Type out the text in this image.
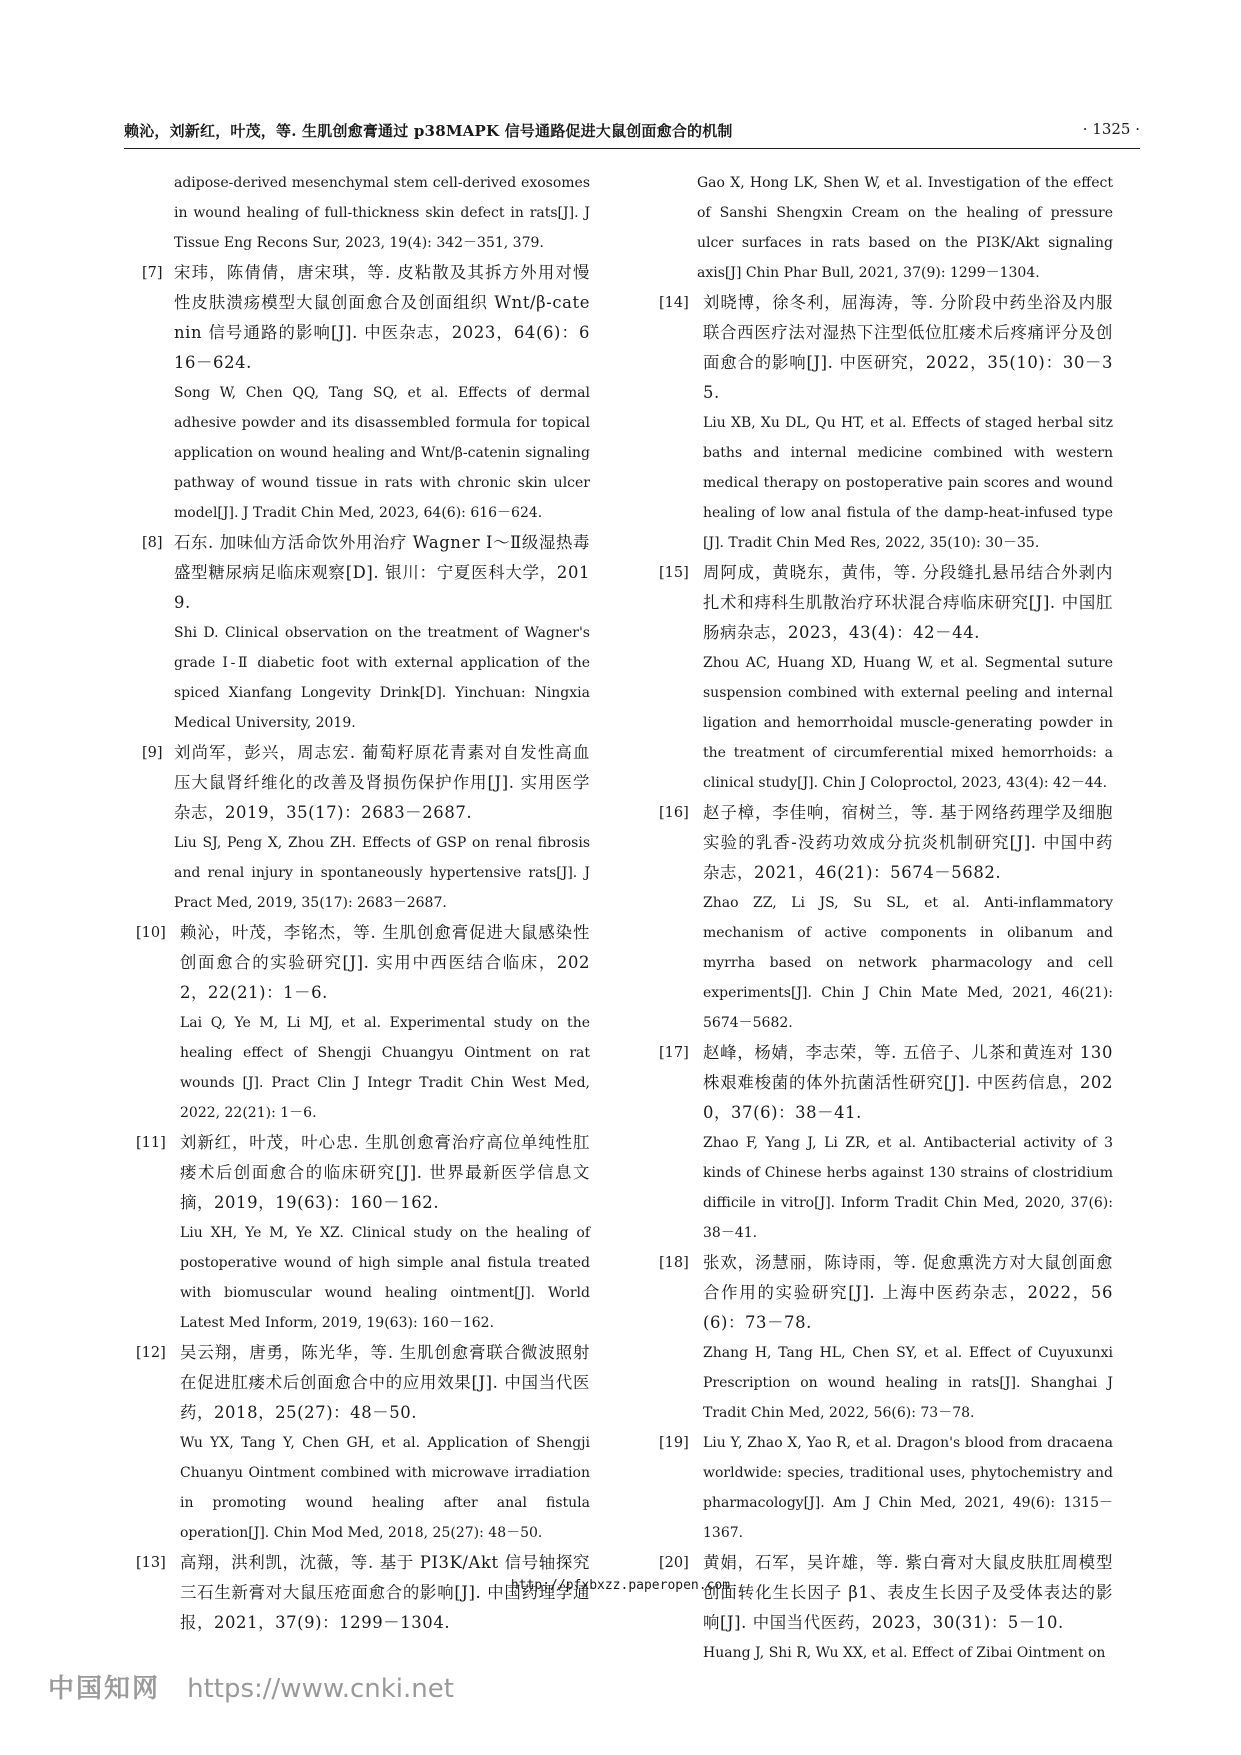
赖沁，刘新红，叶茂，等. 生肌创愈膏通过 p38MAPK 信号通路促进大鼠创面愈合的机制	· 1325 ·
adipose-derived mesenchymal stem cell-derived exosomes in wound healing of full-thickness skin defect in rats[J]. J Tissue Eng Recons Sur, 2023, 19(4): 342－351, 379.
[7] 宋玮，陈倩倩，唐宋琪，等. 皮粘散及其拆方外用对慢性皮肤溃疡模型大鼠创面愈合及创面组织 Wnt/β-catenin 信号通路的影响[J]. 中医杂志，2023，64(6)：616－624.
Song W, Chen QQ, Tang SQ, et al. Effects of dermal adhesive powder and its disassembled formula for topical application on wound healing and Wnt/β-catenin signaling pathway of wound tissue in rats with chronic skin ulcer model[J]. J Tradit Chin Med, 2023, 64(6): 616－624.
[8] 石东. 加味仙方活命饮外用治疗 Wagner Ⅰ～Ⅱ级湿热毒盛型糖尿病足临床观察[D]. 银川：宁夏医科大学，2019.
Shi D. Clinical observation on the treatment of Wagner's grade Ⅰ-Ⅱ diabetic foot with external application of the spiced Xianfang Longevity Drink[D]. Yinchuan: Ningxia Medical University, 2019.
[9] 刘尚军，彭兴，周志宏. 葡萄籽原花青素对自发性高血压大鼠肾纤维化的改善及肾损伤保护作用[J]. 实用医学杂志，2019，35(17)：2683－2687.
Liu SJ, Peng X, Zhou ZH. Effects of GSP on renal fibrosis and renal injury in spontaneously hypertensive rats[J]. J Pract Med, 2019, 35(17): 2683－2687.
[10] 赖沁，叶茂，李铭杰，等. 生肌创愈膏促进大鼠感染性创面愈合的实验研究[J]. 实用中西医结合临床，2022，22(21)：1－6.
Lai Q, Ye M, Li MJ, et al. Experimental study on the healing effect of Shengji Chuangyu Ointment on rat wounds [J]. Pract Clin J Integr Tradit Chin West Med, 2022, 22(21): 1－6.
[11] 刘新红，叶茂，叶心忠. 生肌创愈膏治疗高位单纯性肛瘘术后创面愈合的临床研究[J]. 世界最新医学信息文摘，2019，19(63)：160－162.
Liu XH, Ye M, Ye XZ. Clinical study on the healing of postoperative wound of high simple anal fistula treated with biomuscular wound healing ointment[J]. World Latest Med Inform, 2019, 19(63): 160－162.
[12] 吴云翔，唐勇，陈光华，等. 生肌创愈膏联合微波照射在促进肛瘘术后创面愈合中的应用效果[J]. 中国当代医药，2018，25(27)：48－50.
Wu YX, Tang Y, Chen GH, et al. Application of Shengji Chuanyu Ointment combined with microwave irradiation in promoting wound healing after anal fistula operation[J]. Chin Mod Med, 2018, 25(27): 48－50.
[13] 高翔，洪利凯，沈薇，等. 基于 PI3K/Akt 信号轴探究三石生新膏对大鼠压疮面愈合的影响[J]. 中国药理学通报，2021，37(9)：1299－1304.
Gao X, Hong LK, Shen W, et al. Investigation of the effect of Sanshi Shengxin Cream on the healing of pressure ulcer surfaces in rats based on the PI3K/Akt signaling axis[J] Chin Phar Bull, 2021, 37(9): 1299－1304.
[14] 刘晓博，徐冬利，屈海涛，等. 分阶段中药坐浴及内服联合西医疗法对湿热下注型低位肛瘘术后疼痛评分及创面愈合的影响[J]. 中医研究，2022，35(10)：30－35.
Liu XB, Xu DL, Qu HT, et al. Effects of staged herbal sitz baths and internal medicine combined with western medical therapy on postoperative pain scores and wound healing of low anal fistula of the damp-heat-infused type [J]. Tradit Chin Med Res, 2022, 35(10): 30－35.
[15] 周阿成，黄晓东，黄伟，等. 分段缝扎悬吊结合外剥内扎术和痔科生肌散治疗环状混合痔临床研究[J]. 中国肛肠病杂志，2023，43(4)：42－44.
Zhou AC, Huang XD, Huang W, et al. Segmental suture suspension combined with external peeling and internal ligation and hemorrhoidal muscle-generating powder in the treatment of circumferential mixed hemorrhoids: a clinical study[J]. Chin J Coloproctol, 2023, 43(4): 42－44.
[16] 赵子樟，李佳响，宿树兰，等. 基于网络药理学及细胞实验的乳香-没药功效成分抗炎机制研究[J]. 中国中药杂志，2021，46(21)：5674－5682.
Zhao ZZ, Li JS, Su SL, et al. Anti-inflammatory mechanism of active components in olibanum and myrrha based on network pharmacology and cell experiments[J]. Chin J Chin Mate Med, 2021, 46(21): 5674－5682.
[17] 赵峰，杨婧，李志荣，等. 五倍子、儿茶和黄连对 130 株艰难梭菌的体外抗菌活性研究[J]. 中医药信息，2020，37(6)：38－41.
Zhao F, Yang J, Li ZR, et al. Antibacterial activity of 3 kinds of Chinese herbs against 130 strains of clostridium difficile in vitro[J]. Inform Tradit Chin Med, 2020, 37(6): 38－41.
[18] 张欢，汤慧丽，陈诗雨，等. 促愈熏洗方对大鼠创面愈合作用的实验研究[J]. 上海中医药杂志，2022，56(6)：73－78.
Zhang H, Tang HL, Chen SY, et al. Effect of Cuyuxunxi Prescription on wound healing in rats[J]. Shanghai J Tradit Chin Med, 2022, 56(6): 73－78.
[19] Liu Y, Zhao X, Yao R, et al. Dragon's blood from dracaena worldwide: species, traditional uses, phytochemistry and pharmacology[J]. Am J Chin Med, 2021, 49(6): 1315－1367.
[20] 黄娟，石军，吴许雄，等. 紫白膏对大鼠皮肤肛周模型创面转化生长因子 β1、表皮生长因子及受体表达的影响[J]. 中国当代医药，2023，30(31)：5－10.
Huang J, Shi R, Wu XX, et al. Effect of Zibai Ointment on
http://pfxbxzz.paperopen.com
中国知网 https://www.cnki.net
